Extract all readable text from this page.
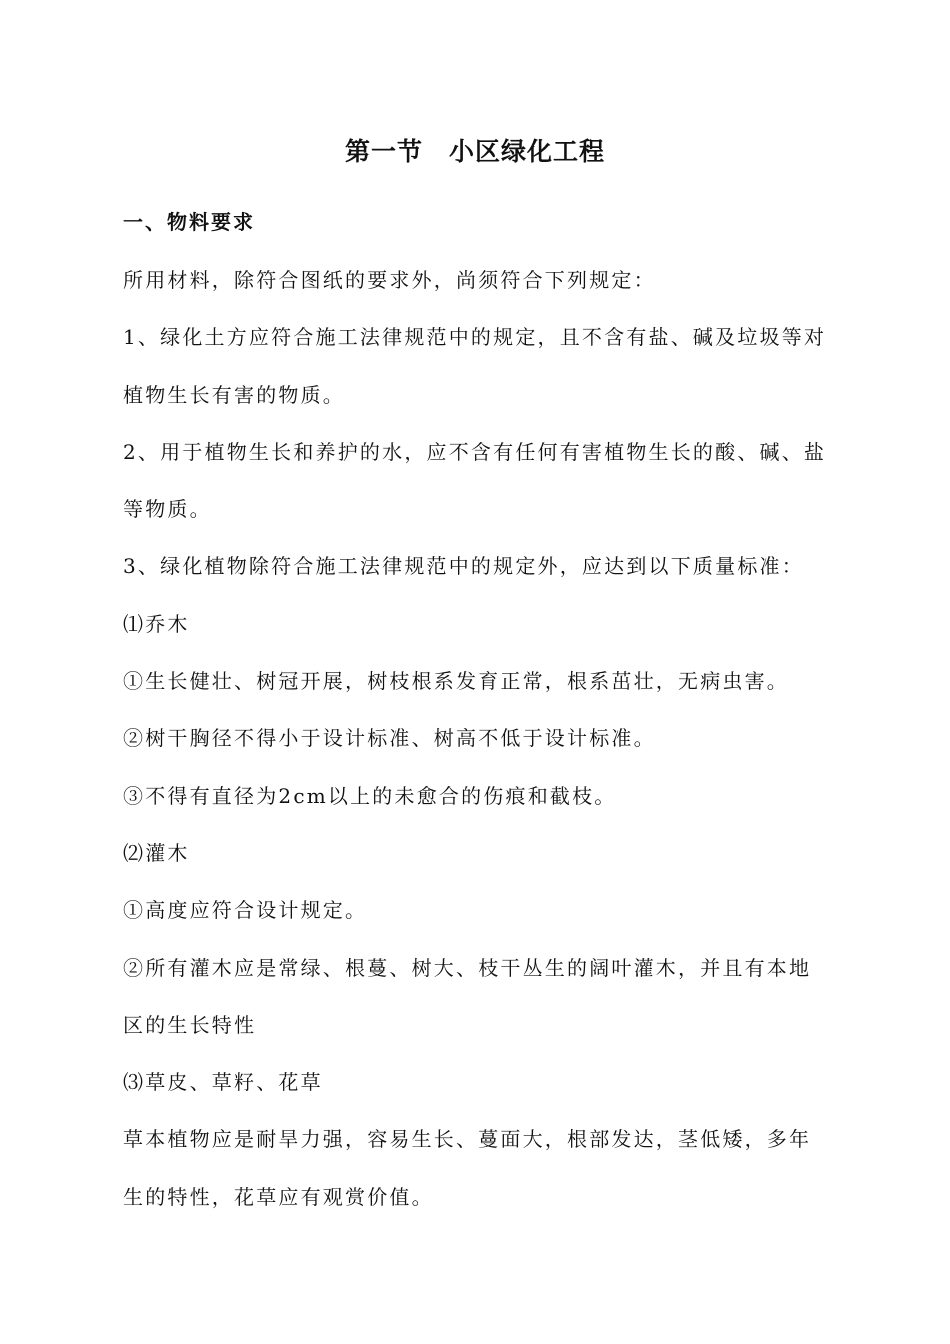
第一节　小区绿化工程
一、物料要求
所用材料，除符合图纸的要求外，尚须符合下列规定：
1、绿化土方应符合施工法律规范中的规定，且不含有盐、碱及垃圾等对
植物生长有害的物质。
2、用于植物生长和养护的水，应不含有任何有害植物生长的酸、碱、盐
等物质。
3、绿化植物除符合施工法律规范中的规定外，应达到以下质量标准：
⑴乔木
①生长健壮、树冠开展，树枝根系发育正常，根系茁壮，无病虫害。
②树干胸径不得小于设计标准、树高不低于设计标准。
③不得有直径为2cm以上的未愈合的伤痕和截枝。
⑵灌木
①高度应符合设计规定。
②所有灌木应是常绿、根蔓、树大、枝干丛生的阔叶灌木，并且有本地
区的生长特性
⑶草皮、草籽、花草
草本植物应是耐旱力强，容易生长、蔓面大，根部发达，茎低矮，多年
生的特性，花草应有观赏价值。
